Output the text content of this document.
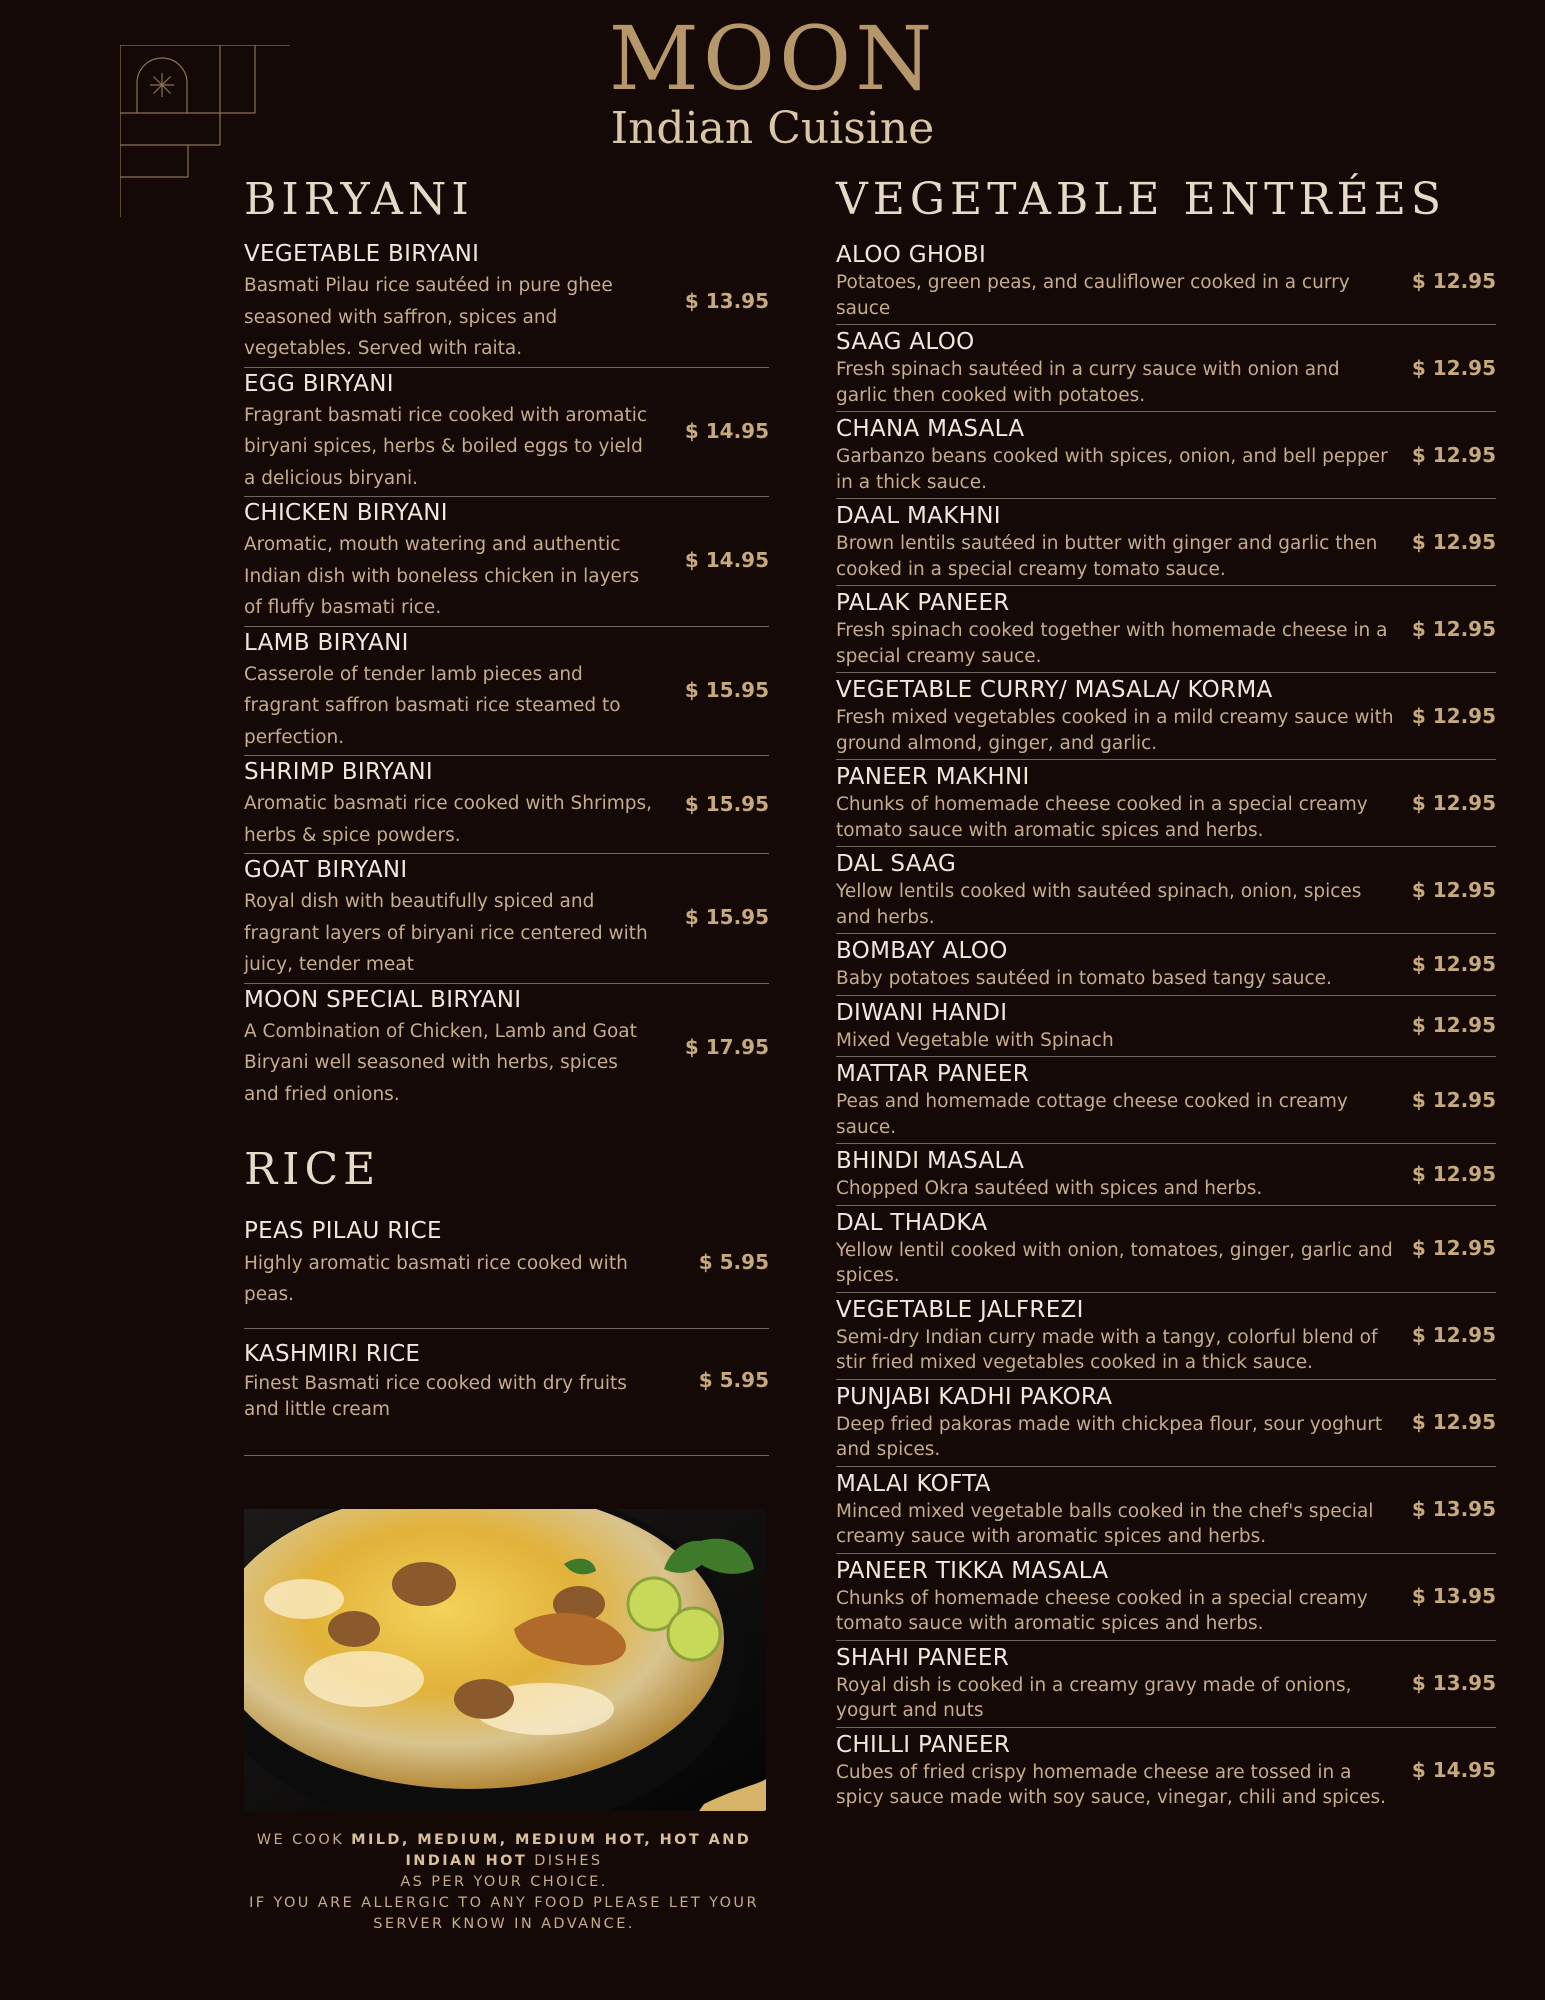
MOON
Indian Cuisine
BIRYANI
VEGETABLE BIRYANI
Basmati Pilau rice sautéed in pure ghee seasoned with saffron, spices and vegetables. Served with raita.
$ 13.95
EGG BIRYANI
Fragrant basmati rice cooked with aromatic biryani spices, herbs & boiled eggs to yield a delicious biryani.
$ 14.95
CHICKEN BIRYANI
Aromatic, mouth watering and authentic Indian dish with boneless chicken in layers of fluffy basmati rice.
$ 14.95
LAMB BIRYANI
Casserole of tender lamb pieces and fragrant saffron basmati rice steamed to perfection.
$ 15.95
SHRIMP BIRYANI
Aromatic basmati rice cooked with Shrimps, herbs & spice powders.
$ 15.95
GOAT BIRYANI
Royal dish with beautifully spiced and fragrant layers of biryani rice centered with juicy, tender meat
$ 15.95
MOON SPECIAL BIRYANI
A Combination of Chicken, Lamb and Goat Biryani well seasoned with herbs, spices and fried onions.
$ 17.95
RICE
PEAS PILAU RICE
Highly aromatic basmati rice cooked with peas.
$ 5.95
KASHMIRI RICE
Finest Basmati rice cooked with dry fruits and little cream
$ 5.95
WE COOK MILD, MEDIUM, MEDIUM HOT, HOT AND INDIAN HOT DISHES
AS PER YOUR CHOICE.
IF YOU ARE ALLERGIC TO ANY FOOD PLEASE LET YOUR SERVER KNOW IN ADVANCE.
VEGETABLE ENTRÉES
ALOO GHOBI
Potatoes, green peas, and cauliflower cooked in a curry sauce
$ 12.95
SAAG ALOO
Fresh spinach sautéed in a curry sauce with onion and garlic then cooked with potatoes.
$ 12.95
CHANA MASALA
Garbanzo beans cooked with spices, onion, and bell pepper in a thick sauce.
$ 12.95
DAAL MAKHNI
Brown lentils sautéed in butter with ginger and garlic then cooked in a special creamy tomato sauce.
$ 12.95
PALAK PANEER
Fresh spinach cooked together with homemade cheese in a special creamy sauce.
$ 12.95
VEGETABLE CURRY/ MASALA/ KORMA
Fresh mixed vegetables cooked in a mild creamy sauce with ground almond, ginger, and garlic.
$ 12.95
PANEER MAKHNI
Chunks of homemade cheese cooked in a special creamy tomato sauce with aromatic spices and herbs.
$ 12.95
DAL SAAG
Yellow lentils cooked with sautéed spinach, onion, spices and herbs.
$ 12.95
BOMBAY ALOO
Baby potatoes sautéed in tomato based tangy sauce.
$ 12.95
DIWANI HANDI
Mixed Vegetable with Spinach
$ 12.95
MATTAR PANEER
Peas and homemade cottage cheese cooked in creamy sauce.
$ 12.95
BHINDI MASALA
Chopped Okra sautéed with spices and herbs.
$ 12.95
DAL THADKA
Yellow lentil cooked with onion, tomatoes, ginger, garlic and spices.
$ 12.95
VEGETABLE JALFREZI
Semi-dry Indian curry made with a tangy, colorful blend of stir fried mixed vegetables cooked in a thick sauce.
$ 12.95
PUNJABI KADHI PAKORA
Deep fried pakoras made with chickpea flour, sour yoghurt and spices.
$ 12.95
MALAI KOFTA
Minced mixed vegetable balls cooked in the chef's special creamy sauce with aromatic spices and herbs.
$ 13.95
PANEER TIKKA MASALA
Chunks of homemade cheese cooked in a special creamy tomato sauce with aromatic spices and herbs.
$ 13.95
SHAHI PANEER
Royal dish is cooked in a creamy gravy made of onions, yogurt and nuts
$ 13.95
CHILLI PANEER
Cubes of fried crispy homemade cheese are tossed in a spicy sauce made with soy sauce, vinegar, chili and spices.
$ 14.95
